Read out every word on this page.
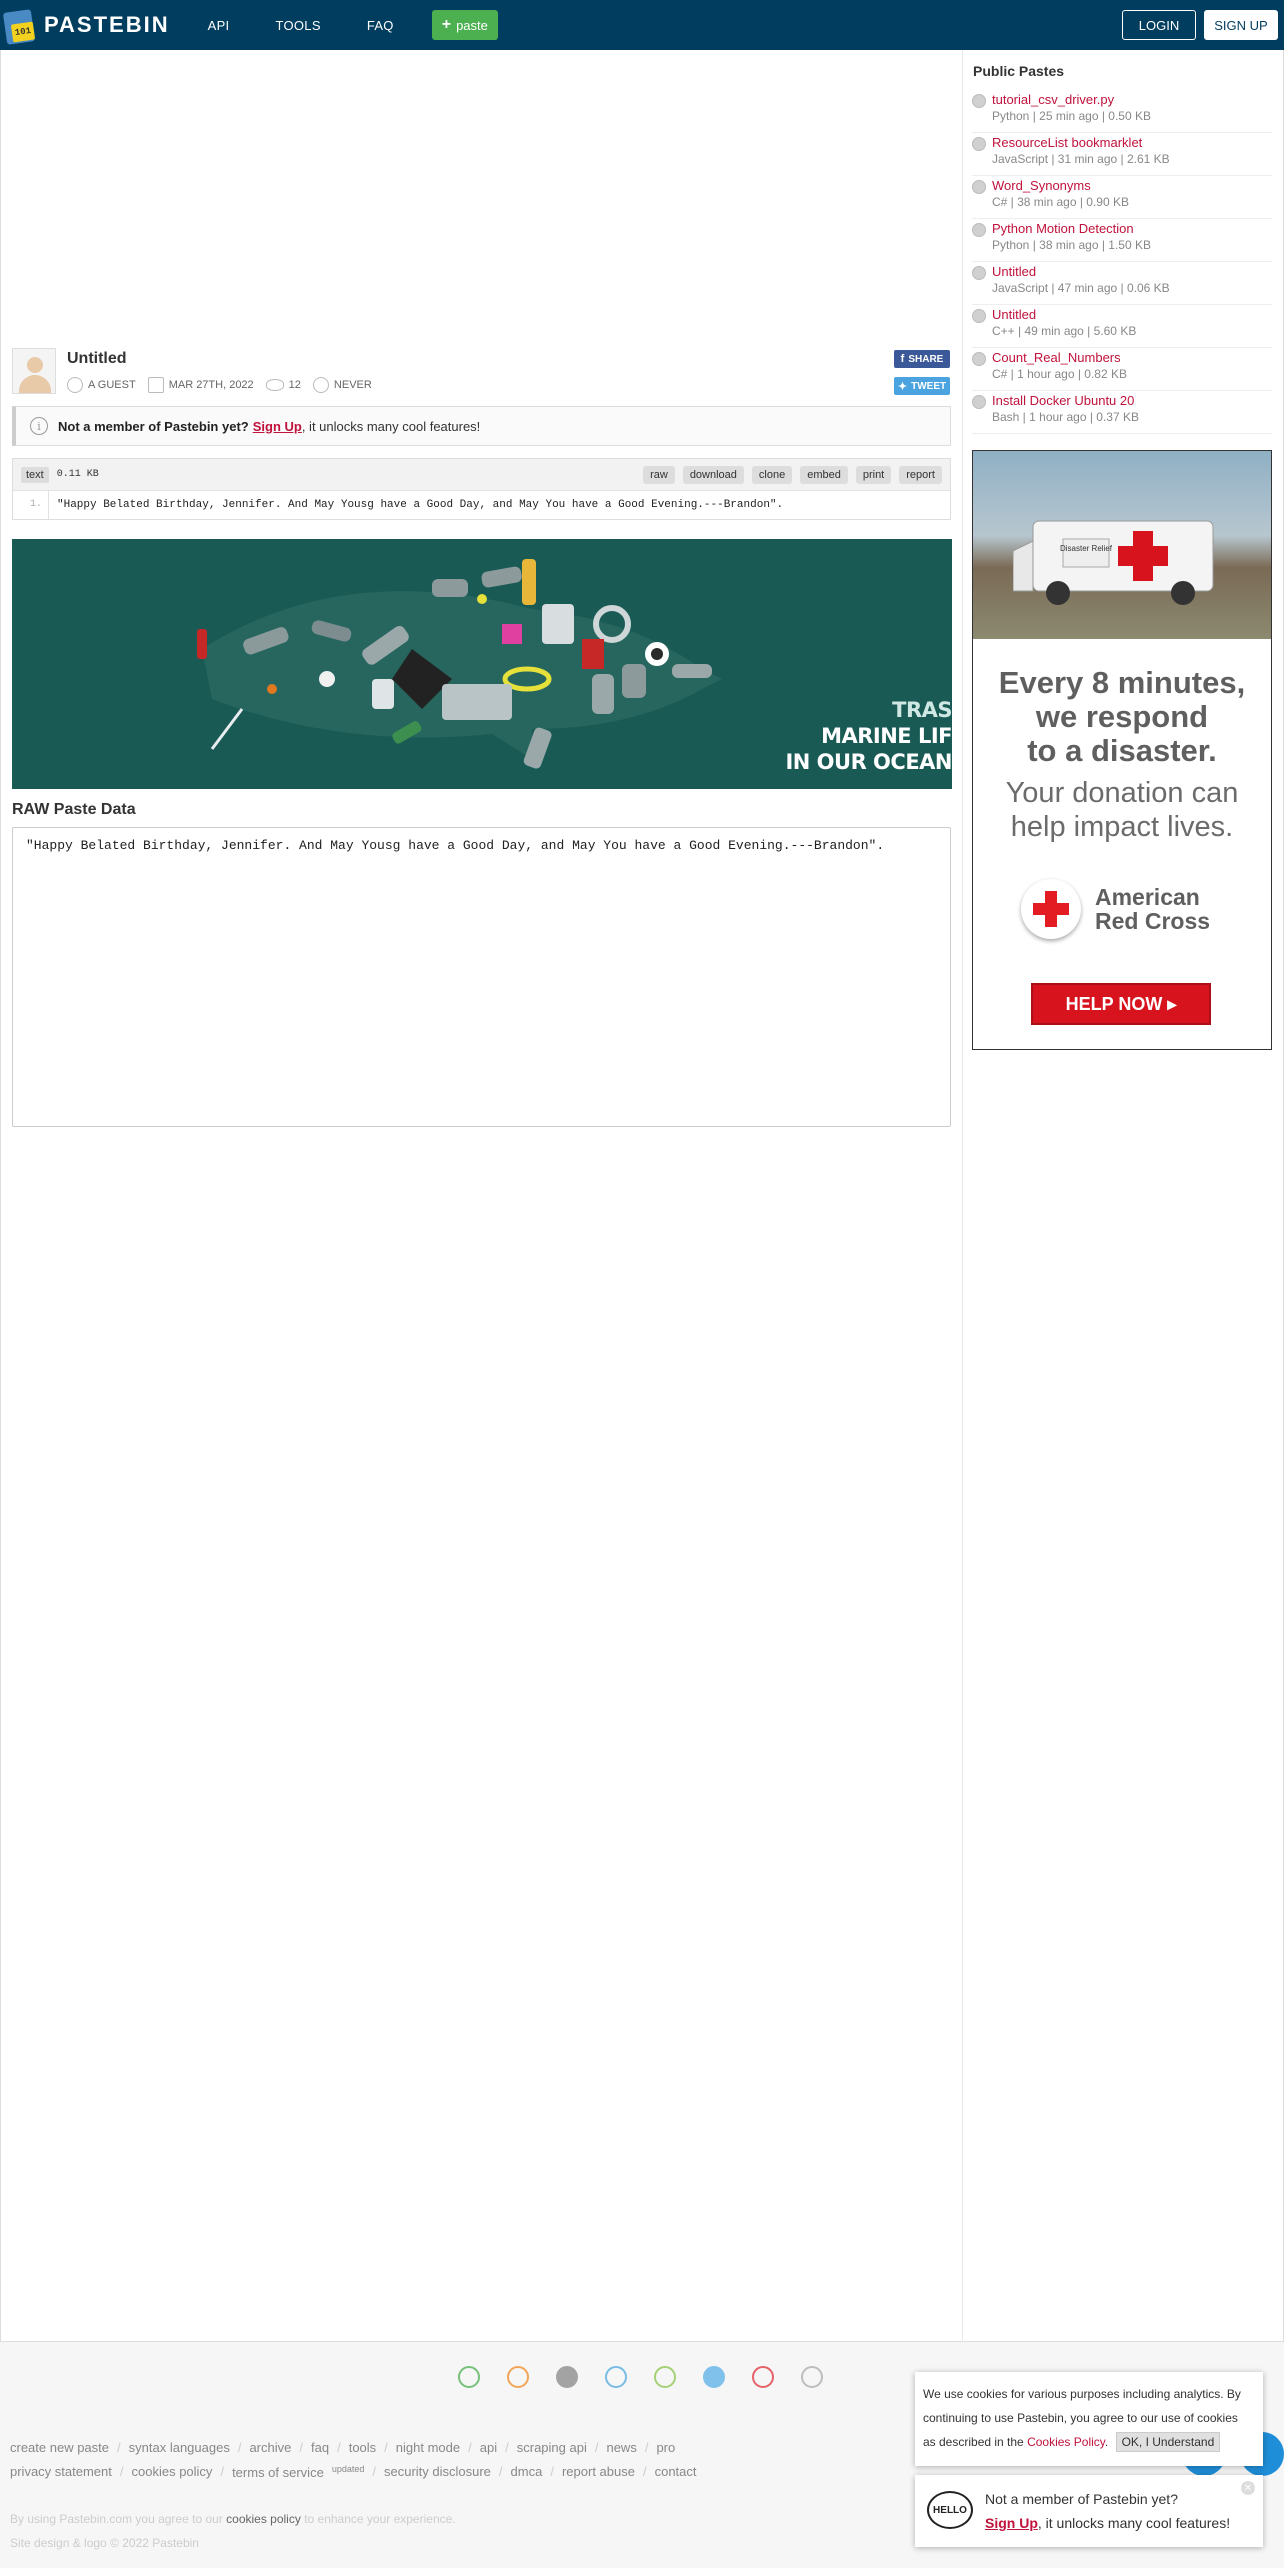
101 PASTEBIN	API	TOOLS	FAQ	+ paste	LOGIN	SIGN UP
Untitled
A GUEST	MAR 27TH, 2022	12	NEVER
f SHARE
✦ TWEET
i	Not a member of Pastebin yet? Sign Up , it unlocks many cool features!
text	0.11 KB	raw	download	clone	embed	print	report
1.	"Happy Belated Birthday, Jennifer. And May Yousg have a Good Day, and May You have a Good Evening.---Brandon".
TRAS
MARINE LIF
IN OUR OCEAN
RAW Paste Data
"Happy Belated Birthday, Jennifer. And May Yousg have a Good Day, and May You have a Good Evening.---Brandon".
Public Pastes
tutorial_csv_driver.py
Python | 25 min ago | 0.50 KB
ResourceList bookmarklet
JavaScript | 31 min ago | 2.61 KB
Word_Synonyms
C# | 38 min ago | 0.90 KB
Python Motion Detection
Python | 38 min ago | 1.50 KB
Untitled
JavaScript | 47 min ago | 0.06 KB
Untitled
C++ | 49 min ago | 5.60 KB
Count_Real_Numbers
C# | 1 hour ago | 0.82 KB
Install Docker Ubuntu 20
Bash | 1 hour ago | 0.37 KB
Disaster Relief
Every 8 minutes,
we respond
to a disaster.
Your donation can
help impact lives.
American
Red Cross
HELP NOW ▸
create new paste / syntax languages / archive / faq / tools / night mode / api / scraping api / news / pro
privacy statement / cookies policy / terms of service $^{updated}$ / security disclosure / dmca / report abuse / contact
By using Pastebin.com you agree to our cookies policy to enhance your experience.
Site design & logo © 2022 Pastebin
We use cookies for various purposes including analytics. By
continuing to use Pastebin, you agree to our use of cookies
as described in the Cookies Policy. OK, I Understand
HELLO
Not a member of Pastebin yet?
Sign Up, it unlocks many cool features!
✕
